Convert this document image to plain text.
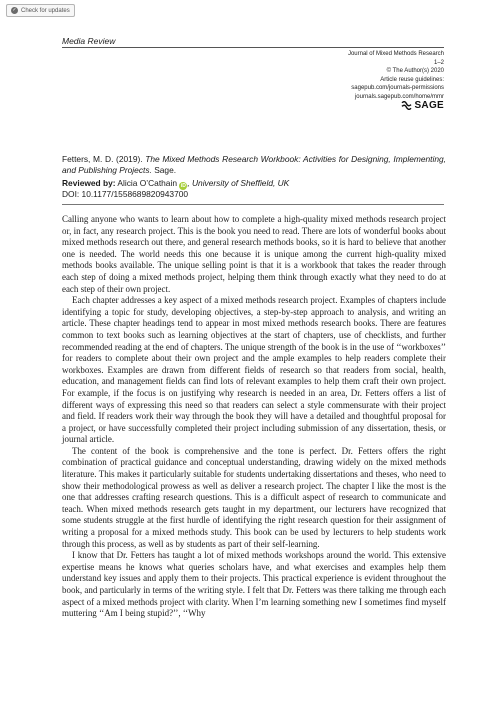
✓ Check for updates
Media Review
Journal of Mixed Methods Research
1–2
© The Author(s) 2020
Article reuse guidelines:
sagepub.com/journals-permissions
journals.sagepub.com/home/mmr
SAGE
Fetters, M. D. (2019). The Mixed Methods Research Workbook: Activities for Designing, Implementing, and Publishing Projects. Sage.
Reviewed by: Alicia O’Cathain iD , University of Sheffield, UK
DOI: 10.1177/1558689820943700

Calling anyone who wants to learn about how to complete a high-quality mixed methods research project or, in fact, any research project. This is the book you need to read. There are lots of wonderful books about mixed methods research out there, and general research methods books, so it is hard to believe that another one is needed. The world needs this one because it is unique among the current high-quality mixed methods books available. The unique selling point is that it is a workbook that takes the reader through each step of doing a mixed methods project, helping them think through exactly what they need to do at each step of their own project.

Each chapter addresses a key aspect of a mixed methods research project. Examples of chapters include identifying a topic for study, developing objectives, a step-by-step approach to analysis, and writing an article. These chapter headings tend to appear in most mixed methods research books. There are features common to text books such as learning objectives at the start of chapters, use of checklists, and further recommended reading at the end of chapters. The unique strength of the book is in the use of ‘‘workboxes’’ for readers to complete about their own project and the ample examples to help readers complete their workboxes. Examples are drawn from different fields of research so that readers from social, health, education, and management fields can find lots of relevant examples to help them craft their own project. For example, if the focus is on justifying why research is needed in an area, Dr. Fetters offers a list of different ways of expressing this need so that readers can select a style commensurate with their project and field. If readers work their way through the book they will have a detailed and thoughtful proposal for a project, or have successfully completed their project including submission of any dissertation, thesis, or journal article.

The content of the book is comprehensive and the tone is perfect. Dr. Fetters offers the right combination of practical guidance and conceptual understanding, drawing widely on the mixed methods literature. This makes it particularly suitable for students undertaking dissertations and theses, who need to show their methodological prowess as well as deliver a research project. The chapter I like the most is the one that addresses crafting research questions. This is a difficult aspect of research to communicate and teach. When mixed methods research gets taught in my department, our lecturers have recognized that some students struggle at the first hurdle of identifying the right research question for their assignment of writing a proposal for a mixed methods study. This book can be used by lecturers to help students work through this process, as well as by students as part of their self-learning.

I know that Dr. Fetters has taught a lot of mixed methods workshops around the world. This extensive expertise means he knows what queries scholars have, and what exercises and examples help them understand key issues and apply them to their projects. This practical experience is evident throughout the book, and particularly in terms of the writing style. I felt that Dr. Fetters was there talking me through each aspect of a mixed methods project with clarity. When I’m learning something new I sometimes find myself muttering ‘‘Am I being stupid?’’, ‘‘Why
